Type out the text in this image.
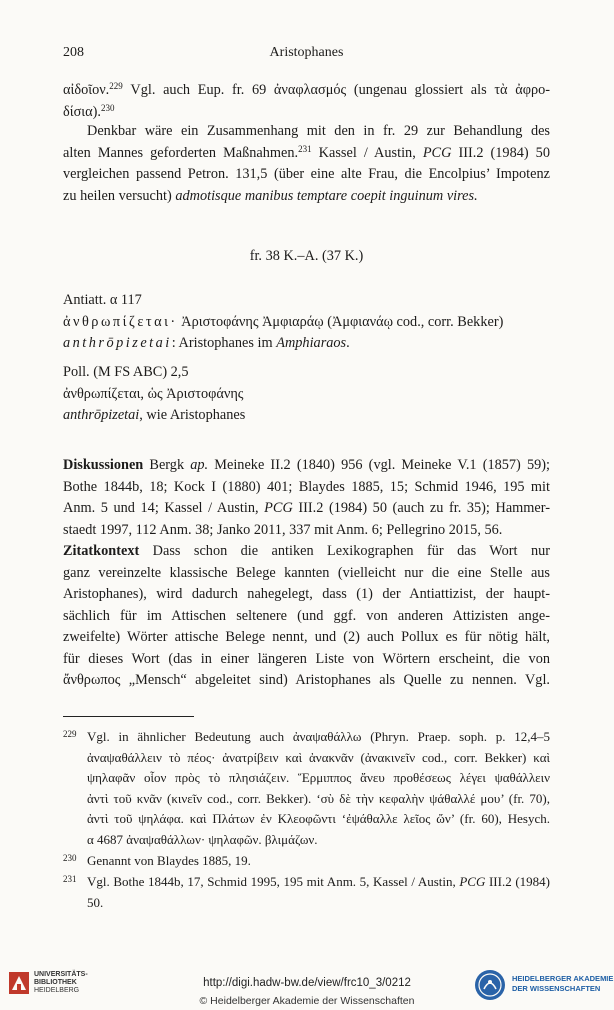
208	Aristophanes
αἰδοῖον.$^{229}$ Vgl. auch Eup. fr. 69 ἀναφλασμός (ungenau glossiert als τὰ ἀφρο-
δίσια).$^{230}$
Denkbar wäre ein Zusammenhang mit den in fr. 29 zur Behandlung des
alten Mannes geforderten Maßnahmen.$^{231}$ Kassel / Austin, PCG III.2 (1984) 50
vergleichen passend Petron. 131,5 (über eine alte Frau, die Encolpius’ Impotenz
zu heilen versucht) admotisque manibus temptare coepit inguinum vires.
fr. 38 K.–A. (37 K.)
Antiatt. α 117
ἀνθρωπίζεται· Ἀριστοφάνης Ἀμφιαράῳ (Ἀμφιανάῳ cod., corr. Bekker)
anthrōpizetai: Aristophanes im Amphiaraos.
Poll. (M FS ABC) 2,5
ἀνθρωπίζεται, ὡς Ἀριστοφάνης
anthrōpizetai, wie Aristophanes
Diskussionen Bergk ap. Meineke II.2 (1840) 956 (vgl. Meineke V.1 (1857) 59);
Bothe 1844b, 18; Kock I (1880) 401; Blaydes 1885, 15; Schmid 1946, 195 mit
Anm. 5 und 14; Kassel / Austin, PCG III.2 (1984) 50 (auch zu fr. 35); Hammer-
staedt 1997, 112 Anm. 38; Janko 2011, 337 mit Anm. 6; Pellegrino 2015, 56.
Zitatkontext Dass schon die antiken Lexikographen für das Wort nur
ganz vereinzelte klassische Belege kannten (vielleicht nur die eine Stelle aus
Aristophanes), wird dadurch nahegelegt, dass (1) der Antiattizist, der haupt-
sächlich für im Attischen seltenere (und ggf. von anderen Attizisten ange-
zweifelte) Wörter attische Belege nennt, und (2) auch Pollux es für nötig hält,
für dieses Wort (das in einer längeren Liste von Wörtern erscheint, die von
ἄνθρωπος „Mensch“ abgeleitet sind) Aristophanes als Quelle zu nennen. Vgl.
229 Vgl. in ähnlicher Bedeutung auch ἀναψαθάλλω (Phryn. Praep. soph. p. 12,4–5
ἀναψαθάλλειν τὸ πέος· ἀνατρίβειν καὶ ἀνακνᾶν (ἀνακινεῖν cod., corr. Bekker) καὶ
ψηλαφᾶν οἷον πρὸς τὸ πλησιάζειν. Ἕρμιππος ἄνευ προθέσεως λέγει ψαθάλλειν
ἀντὶ τοῦ κνᾶν (κινεῖν cod., corr. Bekker). ‘σὺ δὲ τὴν κεφαλὴν ψάθαλλέ μου’ (fr. 70),
ἀντὶ τοῦ ψηλάφα. καὶ Πλάτων ἐν Κλεοφῶντι ‘ἐψάθαλλε λεῖος ὤν’ (fr. 60), Hesych.
α 4687 ἀναψαθάλλων· ψηλαφῶν. βλιμάζων.
230 Genannt von Blaydes 1885, 19.
231 Vgl. Bothe 1844b, 17, Schmid 1995, 195 mit Anm. 5, Kassel / Austin, PCG III.2 (1984)
50.
UNIVERSITÄTS-
BIBLIOTHEK
HEIDELBERG
http://digi.hadw-bw.de/view/frc10_3/0212
© Heidelberger Akademie der Wissenschaften
HEIDELBERGER AKADEMIE
DER WISSENSCHAFTEN
